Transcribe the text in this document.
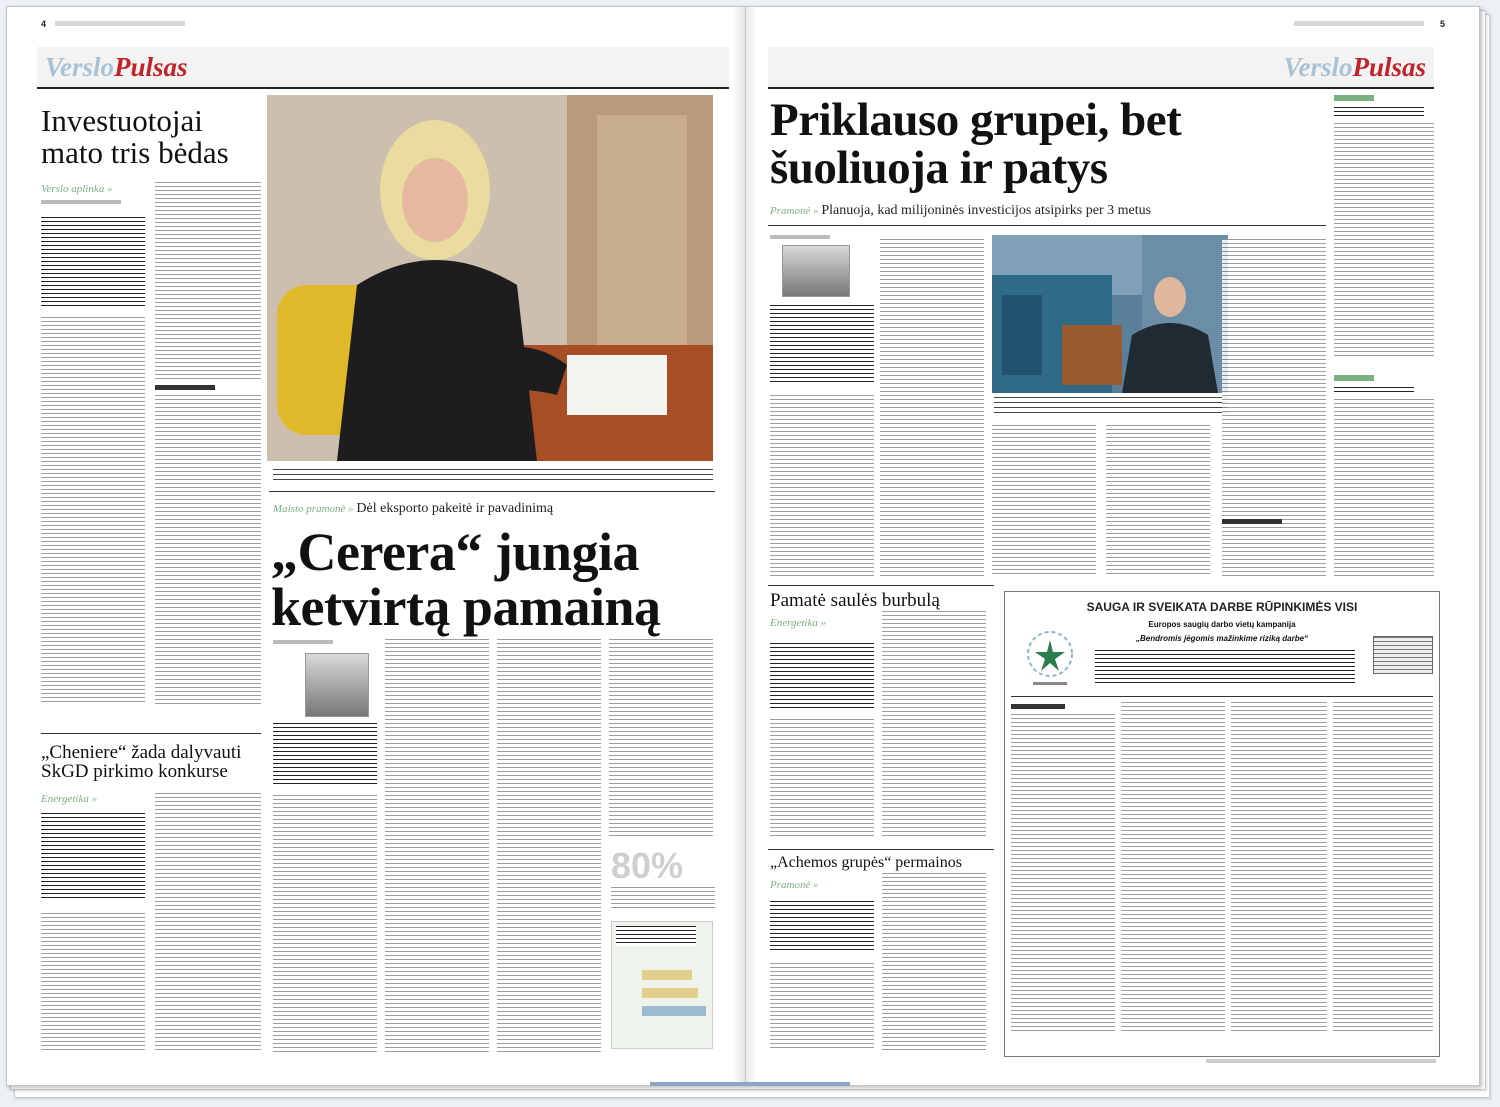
4
VersloPulsas
Investuotojai
mato tris bėdas
Verslo aplinka »
Maisto pramonė » Dėl eksporto pakeitė ir pavadinimą
„Cerera“ jungia
ketvirtą pamainą
80%
„Cheniere“ žada dalyvauti
SkGD pirkimo konkurse
Energetika »
5
VersloPulsas
Priklauso grupei, bet
šuoliuoja ir patys
Pramonė » Planuoja, kad milijoninės investicijos atsipirks per 3 metus
Pamatė saulės burbulą
Energetika »
„Achemos grupės“ permainos
Pramonė »
SAUGA IR SVEIKATA DARBE RŪPINKIMĖS VISI
Europos saugių darbo vietų kampanija
„Bendromis jėgomis mažinkime riziką darbe“
